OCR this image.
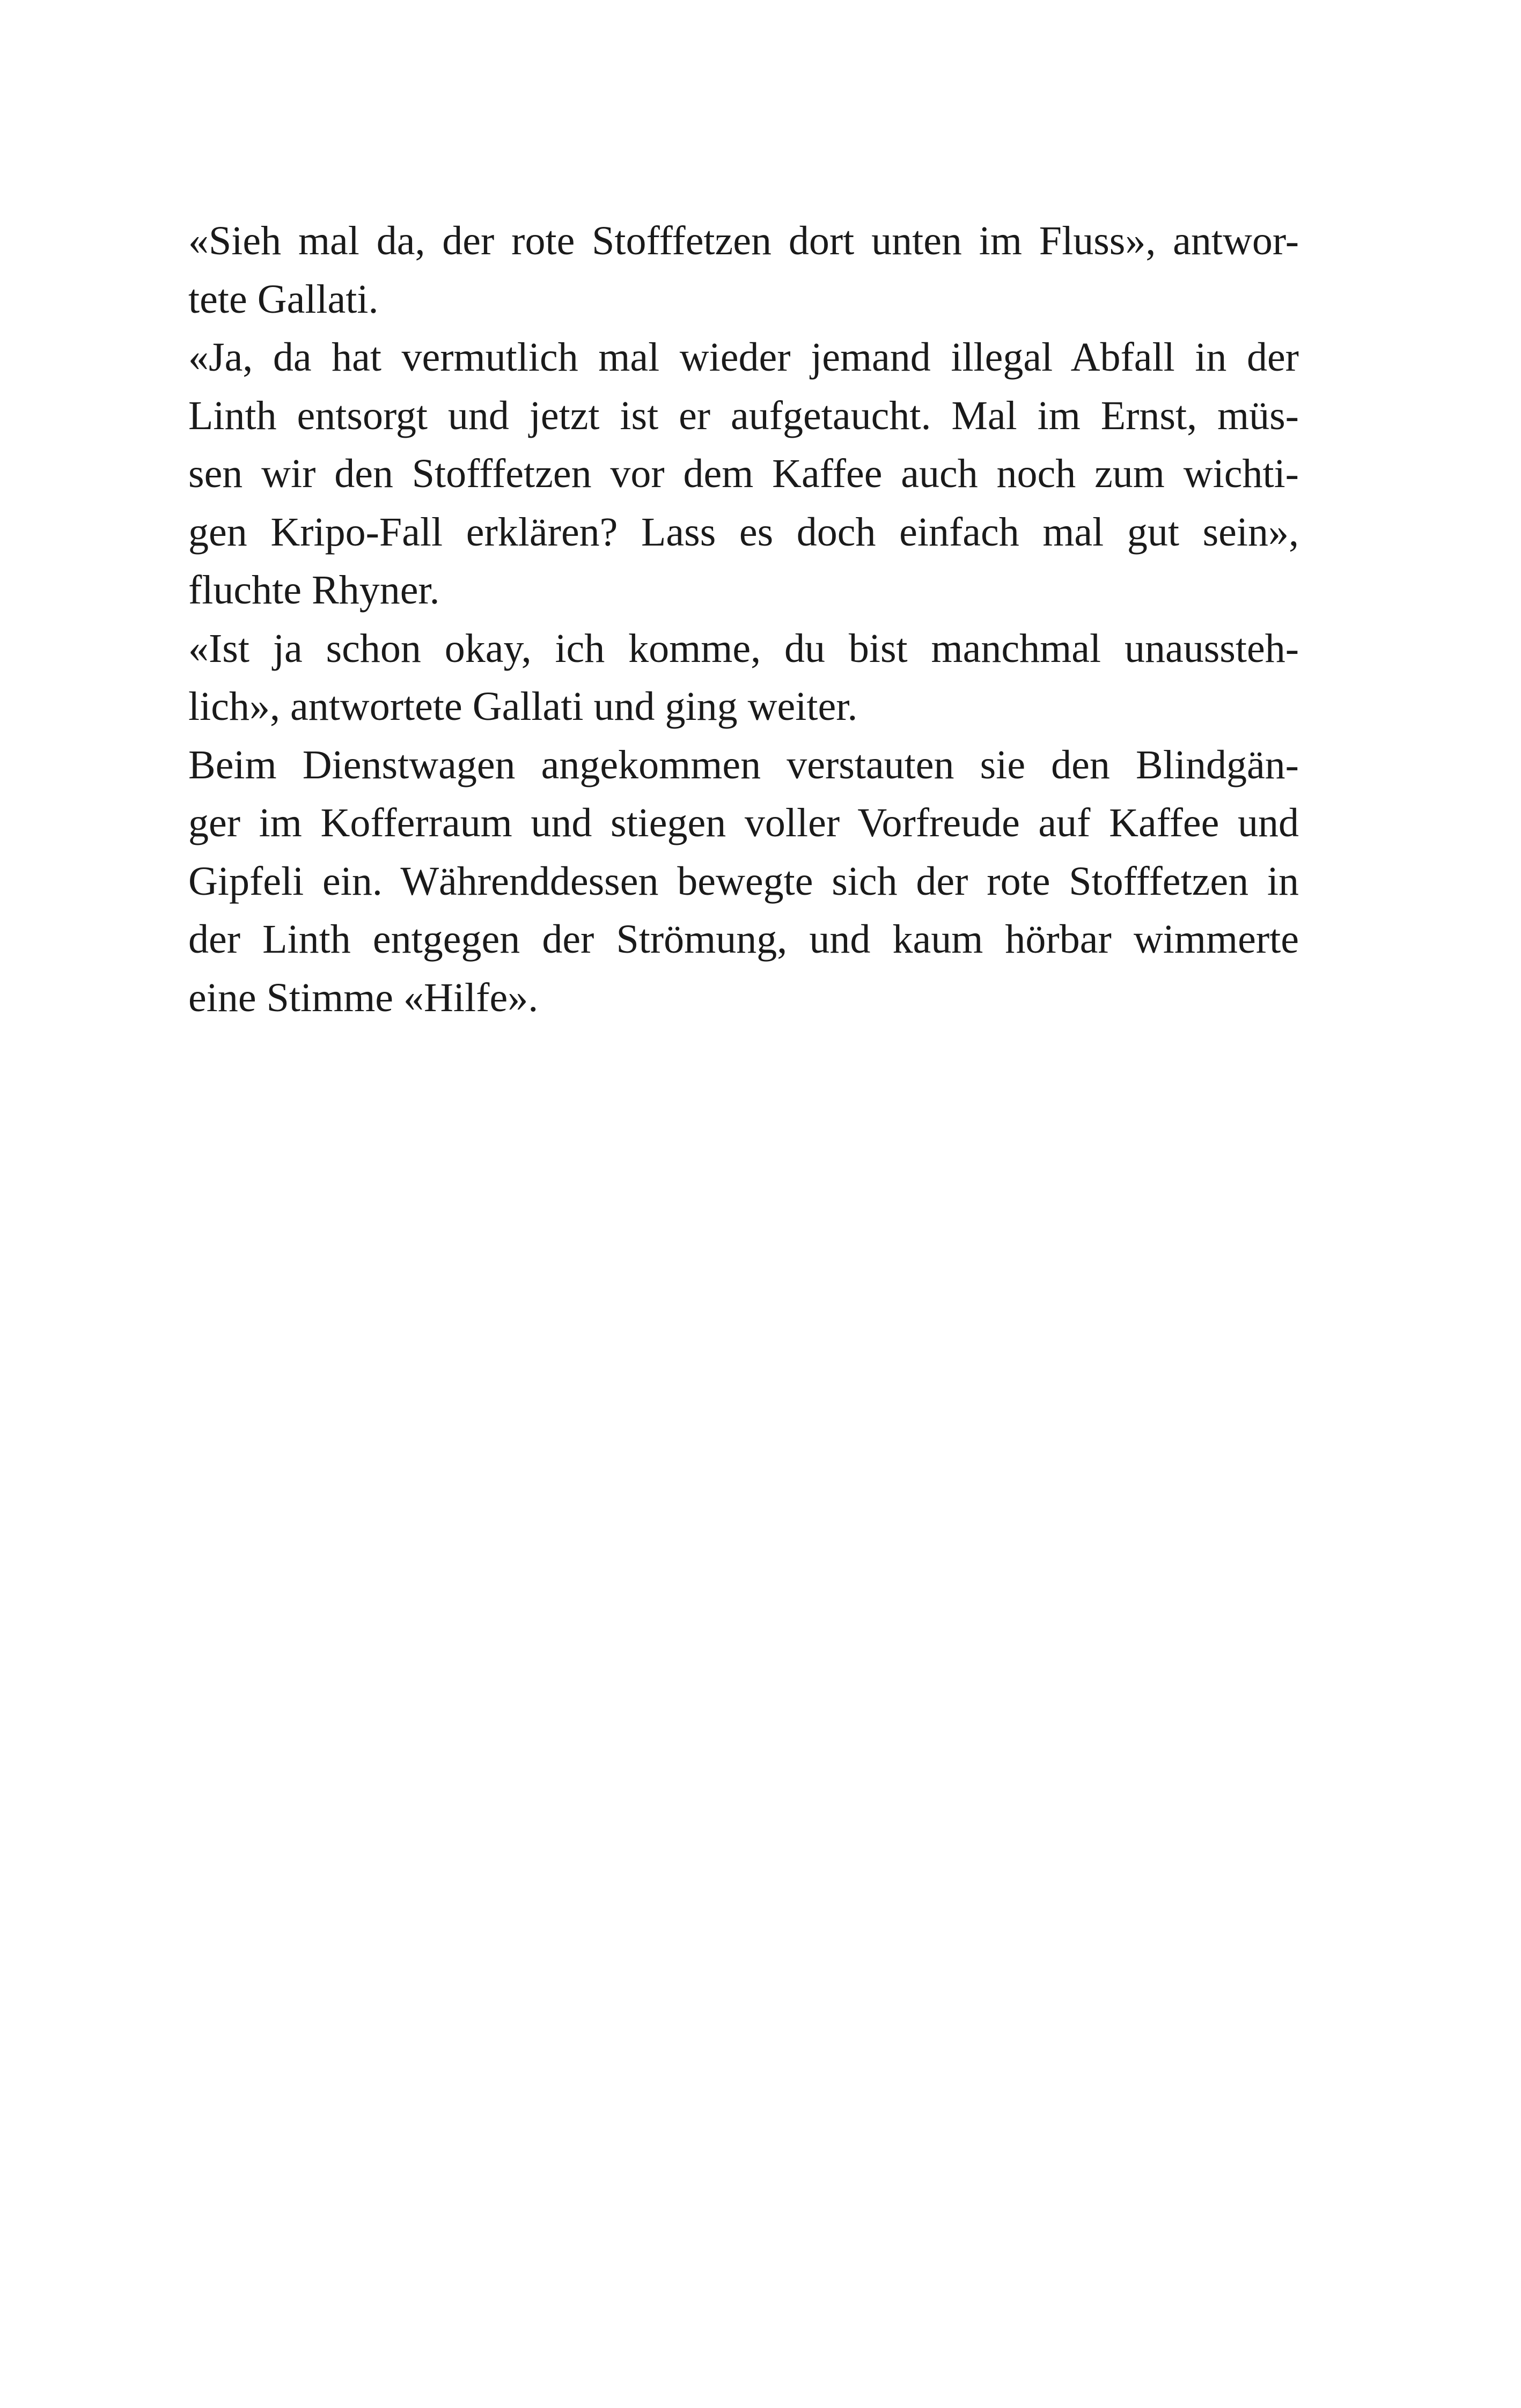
«Sieh mal da, der rote Stofffetzen dort unten im Fluss», antwor-
tete Gallati.
«Ja, da hat vermutlich mal wieder jemand illegal Abfall in der
Linth entsorgt und jetzt ist er aufgetaucht. Mal im Ernst, müs-
sen wir den Stofffetzen vor dem Kaffee auch noch zum wichti-
gen Kripo-Fall erklären? Lass es doch einfach mal gut sein»,
fluchte Rhyner.
«Ist ja schon okay, ich komme, du bist manchmal unaussteh-
lich», antwortete Gallati und ging weiter.
Beim Dienstwagen angekommen verstauten sie den Blindgän-
ger im Kofferraum und stiegen voller Vorfreude auf Kaffee und
Gipfeli ein. Währenddessen bewegte sich der rote Stofffetzen in
der Linth entgegen der Strömung, und kaum hörbar wimmerte
eine Stimme «Hilfe».
